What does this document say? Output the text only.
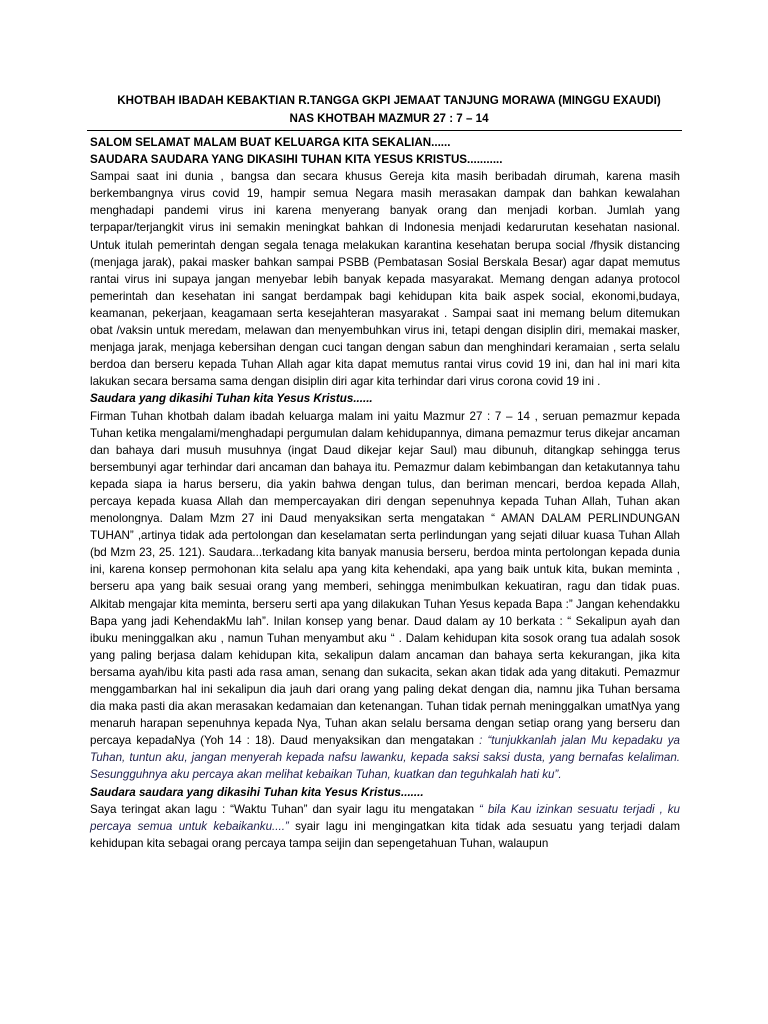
KHOTBAH IBADAH KEBAKTIAN R.TANGGA GKPI JEMAAT TANJUNG MORAWA (MINGGU EXAUDI)
NAS KHOTBAH MAZMUR 27 : 7 – 14

SALOM SELAMAT MALAM BUAT KELUARGA KITA SEKALIAN......

SAUDARA SAUDARA YANG DIKASIHI TUHAN KITA YESUS KRISTUS...........

Sampai saat ini dunia , bangsa dan secara khusus Gereja kita masih beribadah dirumah, karena masih berkembangnya virus covid 19, hampir semua Negara masih merasakan dampak dan bahkan kewalahan menghadapi pandemi virus ini karena menyerang banyak orang dan menjadi korban. Jumlah yang terpapar/terjangkit virus ini semakin meningkat bahkan di Indonesia menjadi kedarurutan kesehatan nasional. Untuk itulah pemerintah dengan segala tenaga melakukan karantina kesehatan berupa social /fhysik distancing (menjaga jarak), pakai masker bahkan sampai PSBB (Pembatasan Sosial Berskala Besar) agar dapat memutus rantai virus ini supaya jangan menyebar lebih banyak kepada masyarakat. Memang dengan adanya protocol pemerintah dan kesehatan ini sangat berdampak bagi kehidupan kita baik aspek social, ekonomi,budaya, keamanan, pekerjaan, keagamaan serta kesejahteran masyarakat . Sampai saat ini memang belum ditemukan obat /vaksin untuk meredam, melawan dan menyembuhkan virus ini, tetapi dengan disiplin diri, memakai masker, menjaga jarak, menjaga kebersihan dengan cuci tangan dengan sabun dan menghindari keramaian , serta selalu berdoa dan berseru kepada Tuhan Allah agar kita dapat memutus rantai virus covid 19 ini, dan hal ini mari kita lakukan secara bersama sama dengan disiplin diri agar kita terhindar dari virus corona covid 19 ini .

Saudara yang dikasihi Tuhan kita Yesus Kristus......

Firman Tuhan khotbah dalam ibadah keluarga malam ini yaitu Mazmur 27 : 7 – 14 , seruan pemazmur kepada Tuhan ketika mengalami/menghadapi pergumulan dalam kehidupannya, dimana pemazmur terus dikejar ancaman dan bahaya dari musuh musuhnya (ingat Daud dikejar kejar Saul) mau dibunuh, ditangkap sehingga terus bersembunyi agar terhindar dari ancaman dan bahaya itu. Pemazmur dalam kebimbangan dan ketakutannya tahu kepada siapa ia harus berseru, dia yakin bahwa dengan tulus, dan beriman mencari, berdoa kepada Allah, percaya kepada kuasa Allah dan mempercayakan diri dengan sepenuhnya kepada Tuhan Allah, Tuhan akan menolongnya. Dalam Mzm 27 ini Daud menyaksikan serta mengatakan “ AMAN DALAM PERLINDUNGAN TUHAN” ,artinya tidak ada pertolongan dan keselamatan serta perlindungan yang sejati diluar kuasa Tuhan Allah (bd Mzm 23, 25. 121). Saudara...terkadang kita banyak manusia berseru, berdoa minta pertolongan kepada dunia ini, karena konsep permohonan kita selalu apa yang kita kehendaki, apa yang baik untuk kita, bukan meminta , berseru apa yang baik sesuai orang yang memberi, sehingga menimbulkan kekuatiran, ragu dan tidak puas. Alkitab mengajar kita meminta, berseru serti apa yang dilakukan Tuhan Yesus kepada Bapa :” Jangan kehendakku Bapa yang jadi KehendakMu lah”. Inilan konsep yang benar. Daud dalam ay 10 berkata : “ Sekalipun ayah dan ibuku meninggalkan aku , namun Tuhan menyambut aku “ . Dalam kehidupan kita sosok orang tua adalah sosok yang paling berjasa dalam kehidupan kita, sekalipun dalam ancaman dan bahaya serta kekurangan, jika kita bersama ayah/ibu kita pasti ada rasa aman, senang dan sukacita, sekan akan tidak ada yang ditakuti. Pemazmur menggambarkan hal ini sekalipun dia jauh dari orang yang paling dekat dengan dia, namnu jika Tuhan bersama dia maka pasti dia akan merasakan kedamaian dan ketenangan. Tuhan tidak pernah meninggalkan umatNya yang menaruh harapan sepenuhnya kepada Nya, Tuhan akan selalu bersama dengan setiap orang yang berseru dan percaya kepadaNya (Yoh 14 : 18). Daud menyaksikan dan mengatakan : “tunjukkanlah jalan Mu kepadaku ya Tuhan, tuntun aku, jangan menyerah kepada nafsu lawanku, kepada saksi saksi dusta, yang bernafas kelaliman. Sesungguhnya aku percaya akan melihat kebaikan Tuhan, kuatkan dan teguhkalah hati ku”.

Saudara saudara yang dikasihi Tuhan kita Yesus Kristus.......

Saya teringat akan lagu : “Waktu Tuhan” dan syair lagu itu mengatakan “ bila Kau izinkan sesuatu terjadi , ku percaya semua untuk kebaikanku....” syair lagu ini mengingatkan kita tidak ada sesuatu yang terjadi dalam kehidupan kita sebagai orang percaya tampa seijin dan sepengetahuan Tuhan, walaupun
